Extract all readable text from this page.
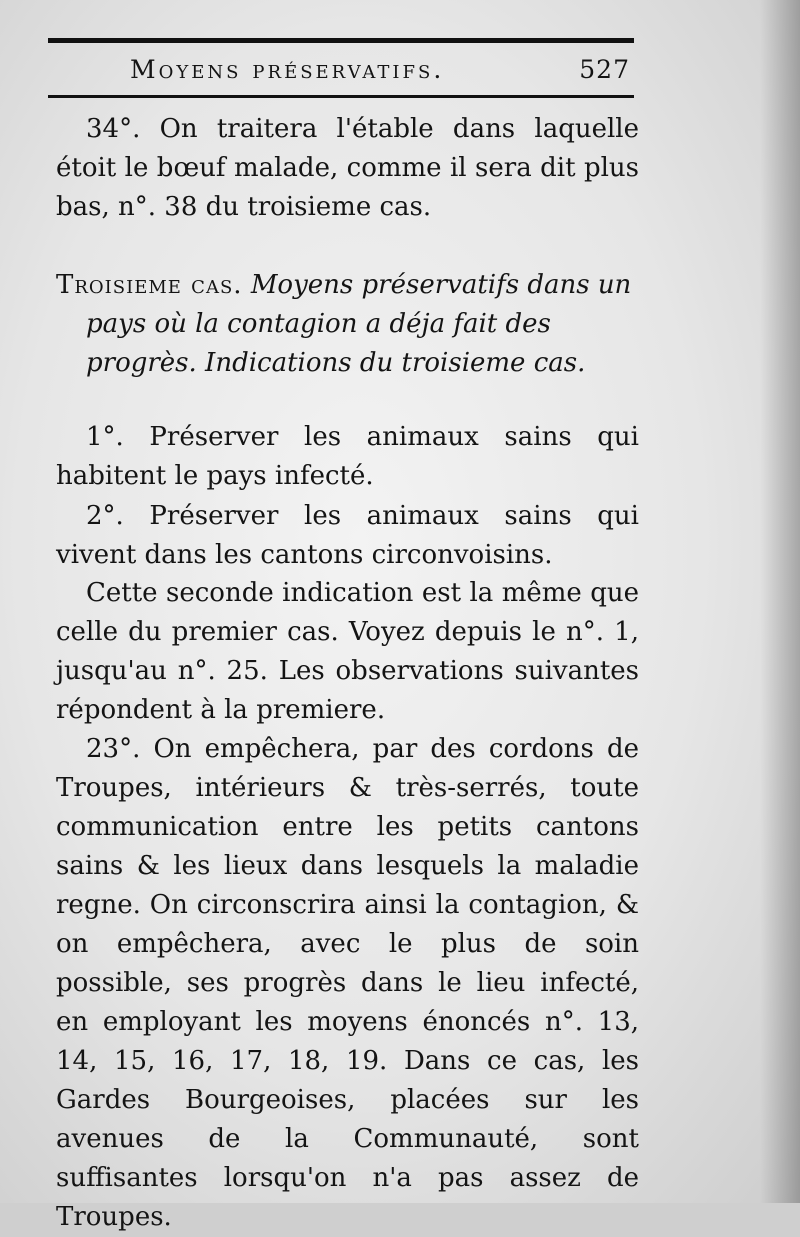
Moyens préservatifs.	527

34°. On traitera l'étable dans laquelle étoit le bœuf malade, comme il sera dit plus bas, n°. 38 du troisieme cas.

Troisieme cas. Moyens préservatifs dans un pays où la contagion a déja fait des progrès. Indications du troisieme cas.

1°. Préserver les animaux sains qui habitent le pays infecté.

2°. Préserver les animaux sains qui vivent dans les cantons circonvoisins.

Cette seconde indication est la même que celle du premier cas. Voyez depuis le n°. 1, jusqu'au n°. 25. Les observations suivantes répondent à la premiere.

23°. On empêchera, par des cordons de Troupes, intérieurs & très-serrés, toute communication entre les petits cantons sains & les lieux dans lesquels la maladie regne. On circonscrira ainsi la contagion, & on empêchera, avec le plus de soin possible, ses progrès dans le lieu infecté, en employant les moyens énoncés n°. 13, 14, 15, 16, 17, 18, 19. Dans ce cas, les Gardes Bourgeoises, placées sur les avenues de la Communauté, sont suffisantes lorsqu'on n'a pas assez de Troupes.
